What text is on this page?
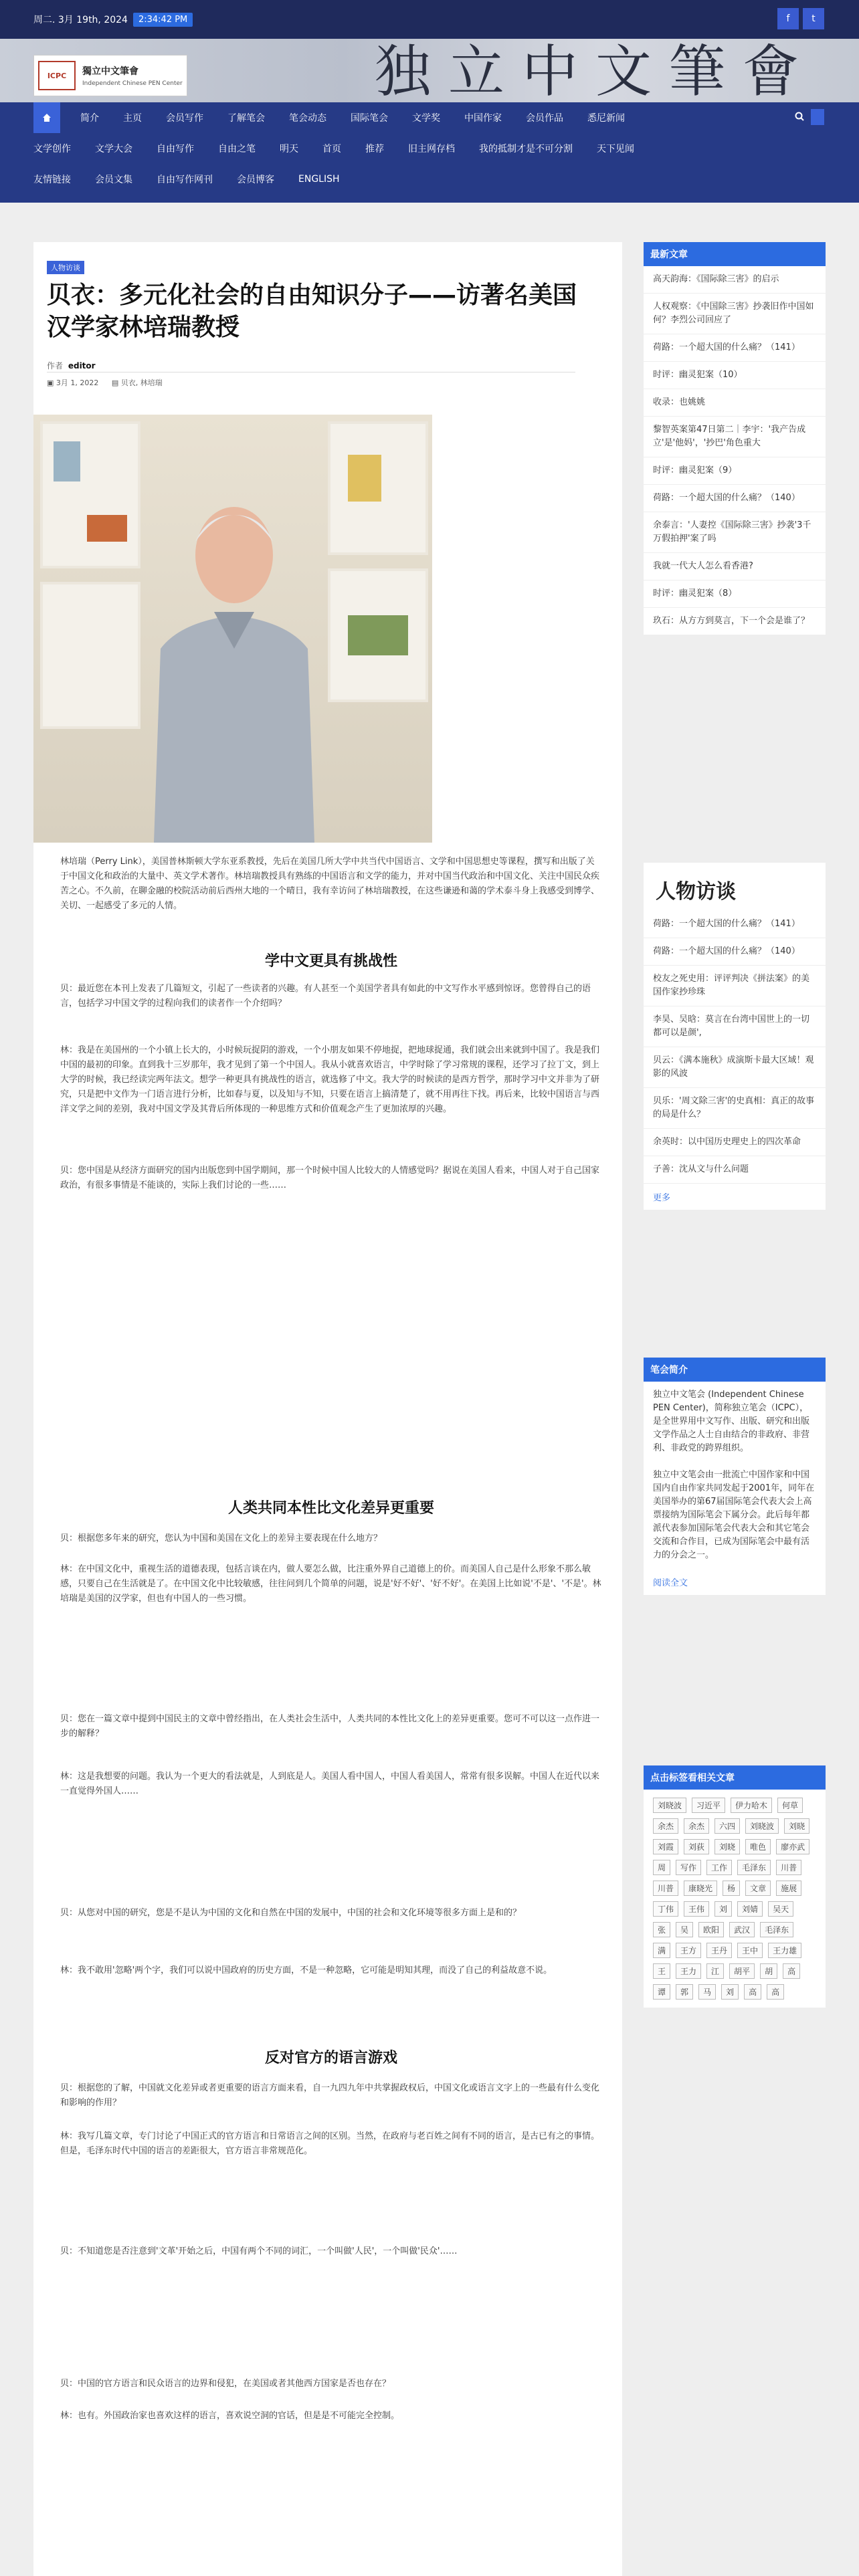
周二. 3月 19th, 2024	2:34:42 PM	f	t
独立中文筆會
ICPC	獨立中文筆會
Independent Chinese PEN Center
简介	主页	会员写作	了解笔会	笔会动态	国际笔会	文学奖	中国作家	会员作品	悉尼新闻
文学创作	文学大会	自由写作	自由之笔	明天	首页	推荐	旧主网存档	我的抵制才是不可分割	天下见闻
友情链接	会员文集	自由写作网刊	会员博客	ENGLISH
人物访谈
贝衣：多元化社会的自由知识分子——访著名美国汉学家林培瑞教授
作者 editor
▣ 3月 1, 2022 ▤ 贝衣, 林培瑞
林培瑞（Perry Link），美国普林斯顿大学东亚系教授，先后在美国几所大学中共当代中国语言、文学和中国思想史等课程，撰写和出版了关于中国文化和政治的大量中、英文学术著作。林培瑞教授具有熟练的中国语言和文学的能力，并对中国当代政治和中国文化、关注中国民众疾苦之心。不久前，在聊金融的校院活动前后西州大地的一个晴日，我有幸访问了林培瑞教授，在这些谦逊和蔼的学术泰斗身上我感受到博学、关切、一起感受了多元的人情。
学中文更具有挑战性
贝：最近您在本刊上发表了几篇短文，引起了一些读者的兴趣。有人甚至一个美国学者具有如此的中文写作水平感到惊讶。您曾得自己的语言，包括学习中国文学的过程向我们的读者作一个介绍吗？
林：我是在美国州的一个小镇上长大的，小时候玩捉阴的游戏，一个小朋友如果不停地捉，把地球捉通，我们就会出来就到中国了。我是我们中国的最初的印象。直到我十三岁那年，我才见到了第一个中国人。我从小就喜欢语言，中学时除了学习常规的课程，还学习了拉丁文，到上大学的时候，我已经读完两年法文。想学一种更具有挑战性的语言，就选修了中文。我大学的时候读的是西方哲学，那时学习中文并非为了研究，只是把中文作为一门语言进行分析，比如春与夏，以及知与不知，只要在语言上搞清楚了，就不用再往下找。再后来，比较中国语言与西洋文学之间的差别，我对中国文学及其背后所体现的一种思维方式和价值观念产生了更加浓厚的兴趣。
贝：您中国是从经济方面研究的国内出版您到中国学期间，那一个时候中国人比较大的人情感觉吗？据说在美国人看来，中国人对于自己国家政治，有很多事情是不能谈的，实际上我们讨论的一些……
人类共同本性比文化差异更重要
贝：根据您多年来的研究，您认为中国和美国在文化上的差异主要表现在什么地方？
林：在中国文化中，重视生活的道德表现，包括言谈在内，做人要怎么做，比注重外界自己道德上的价。而美国人自己是什么形象不那么敏感，只要自己在生活就是了。在中国文化中比较敏感，往往问到几个简单的问题，说是'好不好'、'好不好'。在美国上比如说'不是'、'不是'。林培瑞是美国的汉学家，但也有中国人的一些习惯。
贝：您在一篇文章中提到中国民主的文章中曾经指出，在人类社会生活中，人类共同的本性比文化上的差异更重要。您可不可以这一点作进一步的解释？
林：这是我想要的问题。我认为一个更大的看法就是，人到底是人。美国人看中国人，中国人看美国人，常常有很多误解。中国人在近代以来一直觉得外国人……
贝：从您对中国的研究，您是不是认为中国的文化和自然在中国的发展中，中国的社会和文化环境等很多方面上是和的？
林：我不敢用'忽略'两个字，我们可以说中国政府的历史方面，不是一种忽略，它可能是明知其理，而没了自己的利益故意不说。
反对官方的语言游戏
贝：根据您的了解，中国就文化差异或者更重要的语言方面来看，自一九四九年中共掌握政权后，中国文化或语言文字上的一些最有什么变化和影响的作用？
林：我写几篇文章，专门讨论了中国正式的官方语言和日常语言之间的区别。当然，在政府与老百姓之间有不同的语言，是古已有之的事情。但是，毛泽东时代中国的语言的差距很大，官方语言非常规范化。
贝：不知道您是否注意到'文革'开始之后，中国有两个不同的词汇，一个叫做'人民'，一个叫做'民众'……
贝：中国的官方语言和民众语言的边界和侵犯，在美国或者其他西方国家是否也存在？
林：也有。外国政治家也喜欢这样的语言，喜欢说空洞的官话，但是是不可能完全控制。
最新文章
高天韵海：《国际除三害》的启示
人权观察：《中国除三害》抄袭旧作中国如何？李烈公司回应了
荷路：一个超大国的什么痛？（141）
时评：幽灵犯案（10）
收录：也姚姚
黎智英案第47日第二｜李宇：'我产告成立'是'他妈'，'抄巴'角色重大
时评：幽灵犯案（9）
荷路：一个超大国的什么痛？（140）
余泰言：'人妻控《国际除三害》抄袭'3千万假拍押'案了吗
我就一代大人怎么看香港?
时评：幽灵犯案（8）
玖石：从方方到莫言，下一个会是谁了？
人物访谈
荷路：一个超大国的什么痛？（141）
荷路：一个超大国的什么痛？（140）
校友之死史用：评评判决《拼法案》的美国作家抄珍珠
李昊、吴晗：莫言在台湾中国世上的一切都可以是颜',
贝云：《满本施秋》成演斯卡最大区域！观影的风波
贝乐：'周文除三害'的史真相：真正的故事的局是什么？
余英时：以中国历史理史上的四次革命
子善：沈从文与什么问题
更多
笔会简介
独立中文笔会 (Independent Chinese PEN Center)，简称独立笔会（ICPC），是全世界用中文写作、出版、研究和出版文学作品之人士自由结合的非政府、非营利、非政党的跨界组织。
独立中文笔会由一批流亡中国作家和中国国内自由作家共同发起于2001年，同年在美国举办的第67届国际笔会代表大会上高票接纳为国际笔会下属分会。此后每年都派代表参加国际笔会代表大会和其它笔会交流和合作目，已成为国际笔会中最有活力的分会之一。
阅读全文
点击标签看相关文章
刘晓波	习近平	伊力哈木	何草
余杰	余杰	六四	刘晓波	刘晓
刘霞	刘荻	刘晓	唯色	廖亦武
周	写作	工作	毛泽东	川普
川普	康晓光	杨	文章	施展
丁伟	王伟	刘	刘婧	吴天
张	吴	欧阳	武汉	毛泽东
满	王方	王丹	王中	王力雄
王	王力	江	胡平	胡	高
谭	郭	马	刘	高	高
